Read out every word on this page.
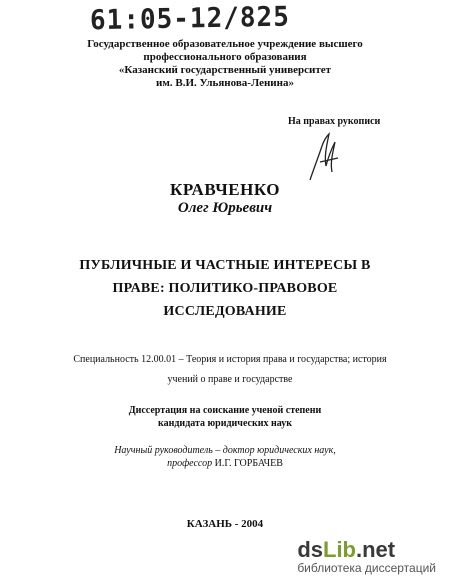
61:05-12/825
Государственное образовательное учреждение высшего
профессионального образования
«Казанский государственный университет
им. В.И. Ульянова-Ленина»
На правах рукописи
КРАВЧЕНКО
Олег Юрьевич
ПУБЛИЧНЫЕ И ЧАСТНЫЕ ИНТЕРЕСЫ В
ПРАВЕ: ПОЛИТИКО-ПРАВОВОЕ
ИССЛЕДОВАНИЕ
Специальность 12.00.01 – Теория и история права и государства; история
учений о праве и государстве
Диссертация на соискание ученой степени
кандидата юридических наук
Научный руководитель – доктор юридических наук,
профессор И.Г. ГОРБАЧЕВ
КАЗАНЬ - 2004
dsLib.net
библиотека диссертаций
